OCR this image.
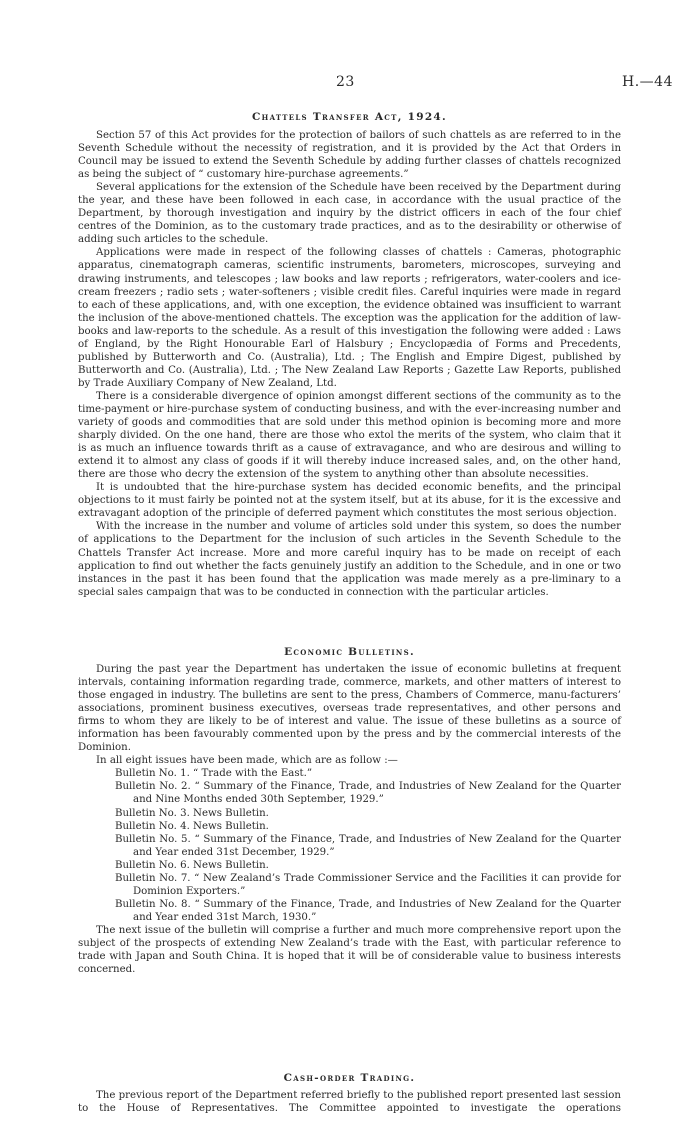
23	H.—44
Chattels Transfer Act, 1924.

Section 57 of this Act provides for the protection of bailors of such chattels as are referred to in the Seventh Schedule without the necessity of registration, and it is provided by the Act that Orders in Council may be issued to extend the Seventh Schedule by adding further classes of chattels recognized as being the subject of “ customary hire-purchase agreements.”

Several applications for the extension of the Schedule have been received by the Department during the year, and these have been followed in each case, in accordance with the usual practice of the Department, by thorough investigation and inquiry by the district officers in each of the four chief centres of the Dominion, as to the customary trade practices, and as to the desirability or otherwise of adding such articles to the schedule.

Applications were made in respect of the following classes of chattels : Cameras, photographic apparatus, cinematograph cameras, scientific instruments, barometers, microscopes, surveying and drawing instruments, and telescopes ; law books and law reports ; refrigerators, water-coolers and ice-cream freezers ; radio sets ; water-softeners ; visible credit files. Careful inquiries were made in regard to each of these applications, and, with one exception, the evidence obtained was insufficient to warrant the inclusion of the above-mentioned chattels. The exception was the application for the addition of law-books and law-reports to the schedule. As a result of this investigation the following were added : Laws of England, by the Right Honourable Earl of Halsbury ; Encyclopædia of Forms and Precedents, published by Butterworth and Co. (Australia), Ltd. ; The English and Empire Digest, published by Butterworth and Co. (Australia), Ltd. ; The New Zealand Law Reports ; Gazette Law Reports, published by Trade Auxiliary Company of New Zealand, Ltd.

There is a considerable divergence of opinion amongst different sections of the community as to the time-payment or hire-purchase system of conducting business, and with the ever-increasing number and variety of goods and commodities that are sold under this method opinion is becoming more and more sharply divided. On the one hand, there are those who extol the merits of the system, who claim that it is as much an influence towards thrift as a cause of extravagance, and who are desirous and willing to extend it to almost any class of goods if it will thereby induce increased sales, and, on the other hand, there are those who decry the extension of the system to anything other than absolute necessities.

It is undoubted that the hire-purchase system has decided economic benefits, and the principal objections to it must fairly be pointed not at the system itself, but at its abuse, for it is the excessive and extravagant adoption of the principle of deferred payment which constitutes the most serious objection.

With the increase in the number and volume of articles sold under this system, so does the number of applications to the Department for the inclusion of such articles in the Seventh Schedule to the Chattels Transfer Act increase. More and more careful inquiry has to be made on receipt of each application to find out whether the facts genuinely justify an addition to the Schedule, and in one or two instances in the past it has been found that the application was made merely as a pre-liminary to a special sales campaign that was to be conducted in connection with the particular articles.

Economic Bulletins.

During the past year the Department has undertaken the issue of economic bulletins at frequent intervals, containing information regarding trade, commerce, markets, and other matters of interest to those engaged in industry. The bulletins are sent to the press, Chambers of Commerce, manu-facturers’ associations, prominent business executives, overseas trade representatives, and other persons and firms to whom they are likely to be of interest and value. The issue of these bulletins as a source of information has been favourably commented upon by the press and by the commercial interests of the Dominion.

In all eight issues have been made, which are as follow :—

Bulletin No. 1. “ Trade with the East.”
Bulletin No. 2. “ Summary of the Finance, Trade, and Industries of New Zealand for the Quarter and Nine Months ended 30th September, 1929.”
Bulletin No. 3. News Bulletin.
Bulletin No. 4. News Bulletin.
Bulletin No. 5. “ Summary of the Finance, Trade, and Industries of New Zealand for the Quarter and Year ended 31st December, 1929.”
Bulletin No. 6. News Bulletin.
Bulletin No. 7. “ New Zealand’s Trade Commissioner Service and the Facilities it can provide for Dominion Exporters.”
Bulletin No. 8. “ Summary of the Finance, Trade, and Industries of New Zealand for the Quarter and Year ended 31st March, 1930.”

The next issue of the bulletin will comprise a further and much more comprehensive report upon the subject of the prospects of extending New Zealand’s trade with the East, with particular reference to trade with Japan and South China. It is hoped that it will be of considerable value to business interests concerned.

Cash-order Trading.

The previous report of the Department referred briefly to the published report presented last session to the House of Representatives. The Committee appointed to investigate the operations
